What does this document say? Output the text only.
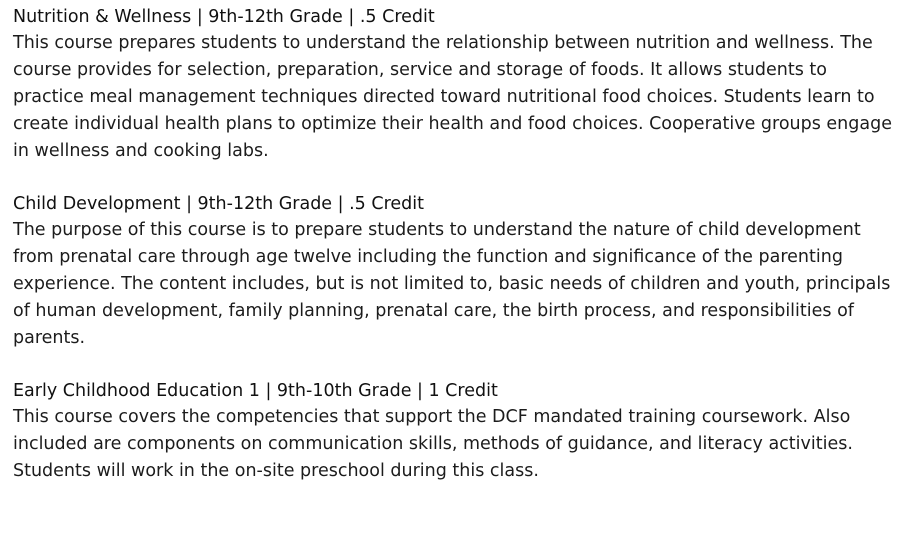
Nutrition & Wellness | 9th-12th Grade | .5 Credit

This course prepares students to understand the relationship between nutrition and wellness. The course provides for selection, preparation, service and storage of foods. It allows students to practice meal management techniques directed toward nutritional food choices. Students learn to create individual health plans to optimize their health and food choices. Cooperative groups engage in wellness and cooking labs.

Child Development | 9th-12th Grade | .5 Credit

The purpose of this course is to prepare students to understand the nature of child development from prenatal care through age twelve including the function and significance of the parenting experience. The content includes, but is not limited to, basic needs of children and youth, principals of human development, family planning, prenatal care, the birth process, and responsibilities of parents.

Early Childhood Education 1 | 9th-10th Grade | 1 Credit

This course covers the competencies that support the DCF mandated training coursework. Also included are components on communication skills, methods of guidance, and literacy activities. Students will work in the on-site preschool during this class.
